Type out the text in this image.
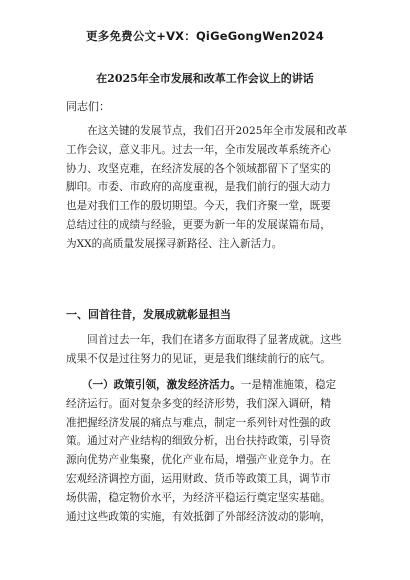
更多免费公文+VX：QiGeGongWen2024
在2025年全市发展和改革工作会议上的讲话
同志们：
　　在这关键的发展节点，我们召开2025年全市发展和改革
工作会议，意义非凡。过去一年，全市发展改革系统齐心
协力、攻坚克难，在经济发展的各个领域都留下了坚实的
脚印。市委、市政府的高度重视，是我们前行的强大动力
也是对我们工作的殷切期望。今天，我们齐聚一堂，既要
总结过往的成绩与经验，更要为新一年的发展谋篇布局，
为XX的高质量发展探寻新路径、注入新活力。
一、回首往昔，发展成就彰显担当
　　回首过去一年，我们在诸多方面取得了显著成就。这些
成果不仅是过往努力的见证，更是我们继续前行的底气。
　　（一）政策引领，激发经济活力。一是精准施策，稳定
经济运行。面对复杂多变的经济形势，我们深入调研，精
准把握经济发展的痛点与难点，制定一系列针对性强的政
策。通过对产业结构的细致分析，出台扶持政策，引导资
源向优势产业集聚，优化产业布局，增强产业竞争力。在
宏观经济调控方面，运用财政、货币等政策工具，调节市
场供需，稳定物价水平，为经济平稳运行奠定坚实基础。
通过这些政策的实施，有效抵御了外部经济波动的影响，
